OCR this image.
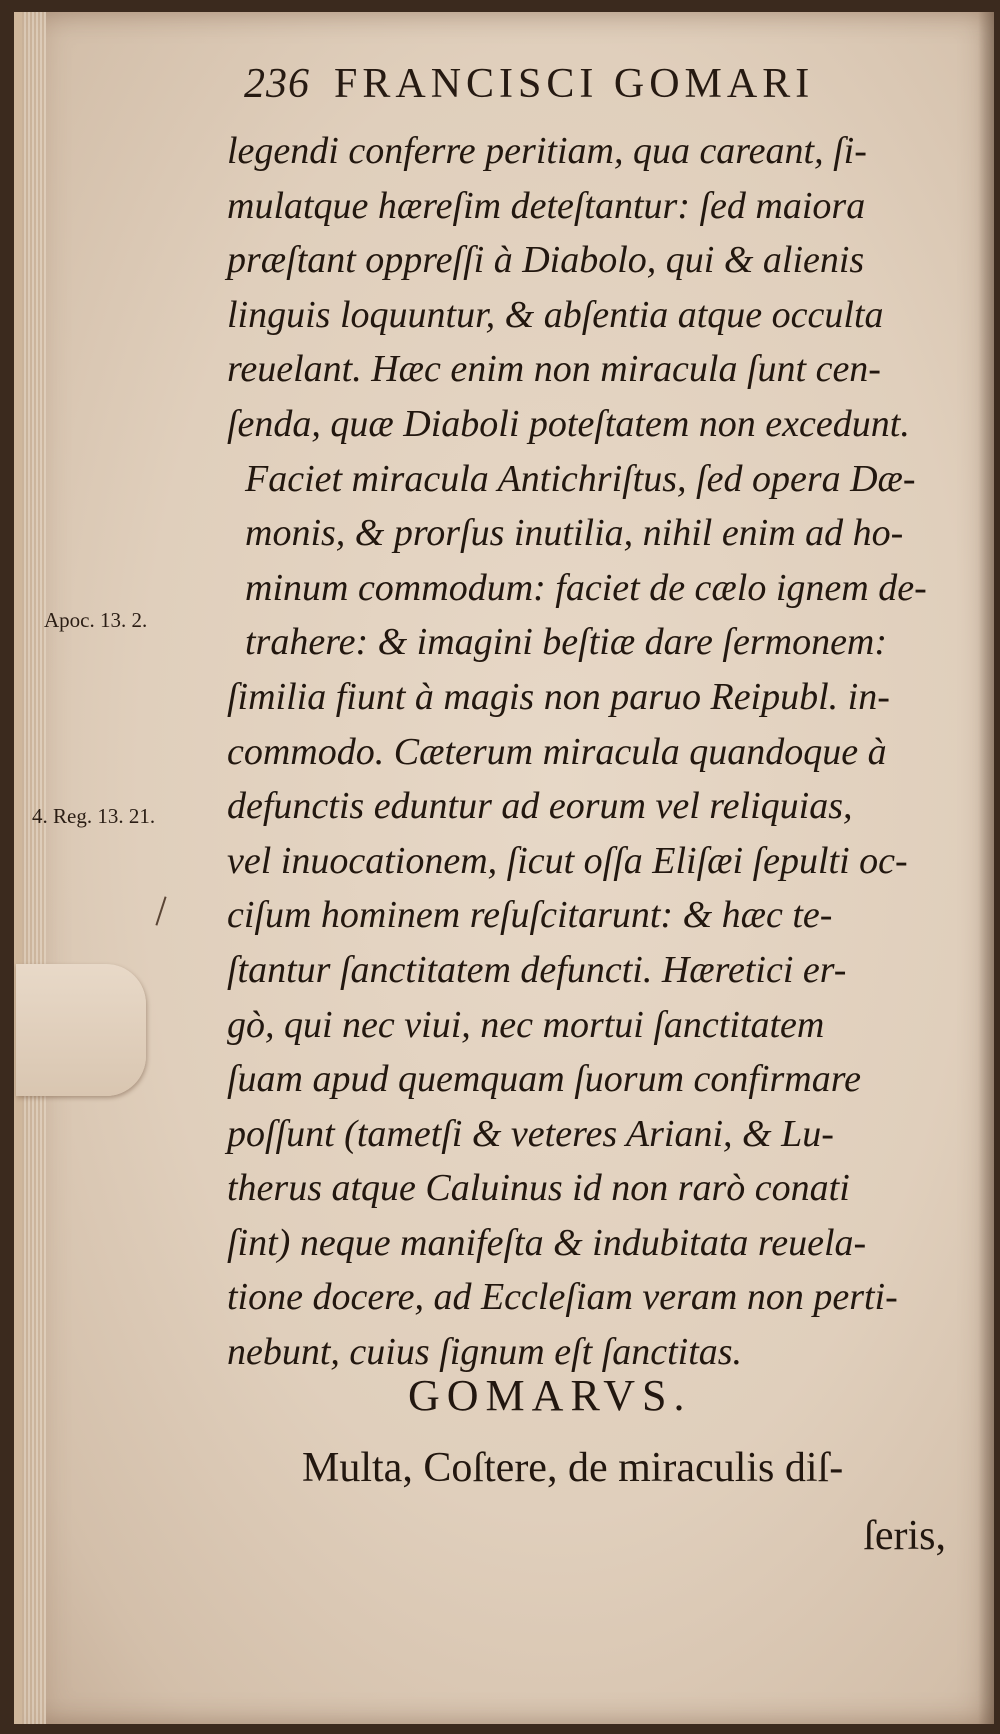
236 FRANCISCI GOMARI
legendi conferre peritiam, qua careant, ſi-
mulatque hæreſim deteſtantur: ſed maiora
præſtant oppreſſi à Diabolo, qui & alienis
linguis loquuntur, & abſentia atque occulta
reuelant. Hæc enim non miracula ſunt cen-
ſenda, quæ Diaboli poteſtatem non excedunt.
Faciet miracula Antichriſtus, ſed opera Dæ-
monis, & prorſus inutilia, nihil enim ad ho-
minum commodum: faciet de cælo ignem de-
trahere: & imagini beſtiæ dare ſermonem:
ſimilia fiunt à magis non paruo Reipubl. in-
commodo. Cæterum miracula quandoque à
defunctis eduntur ad eorum vel reliquias,
vel inuocationem, ſicut oſſa Eliſæi ſepulti oc-
ciſum hominem reſuſcitarunt: & hæc te-
ſtantur ſanctitatem defuncti. Hæretici er-
gò, qui nec viui, nec mortui ſanctitatem
ſuam apud quemquam ſuorum confirmare
poſſunt (tametſi & veteres Ariani, & Lu-
therus atque Caluinus id non rarò conati
ſint) neque manifeſta & indubitata reuela-
tione docere, ad Eccleſiam veram non perti-
nebunt, cuius ſignum eſt ſanctitas.
Apoc. 13. 2.
4. Reg. 13. 21.
GOMARVS.
Multa, Coſtere, de miraculis diſ-
ſeris,
